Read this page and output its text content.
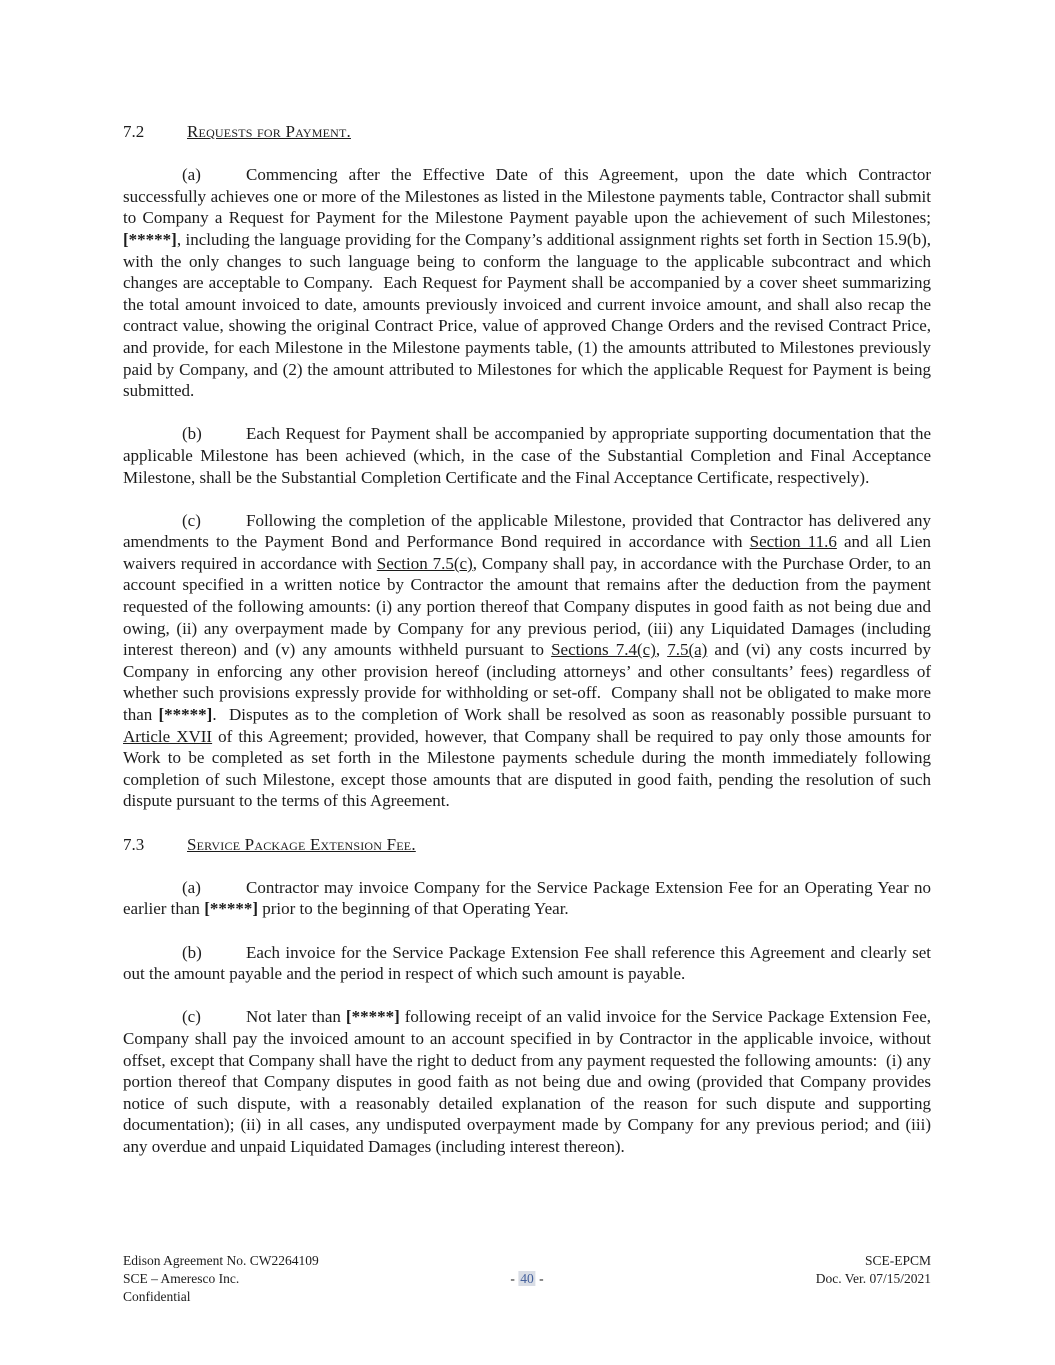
7.2	Requests for Payment.

(a)	Commencing after the Effective Date of this Agreement, upon the date which Contractor successfully achieves one or more of the Milestones as listed in the Milestone payments table, Contractor shall submit to Company a Request for Payment for the Milestone Payment payable upon the achievement of such Milestones; [*****], including the language providing for the Company’s additional assignment rights set forth in Section 15.9(b), with the only changes to such language being to conform the language to the applicable subcontract and which changes are acceptable to Company.  Each Request for Payment shall be accompanied by a cover sheet summarizing the total amount invoiced to date, amounts previously invoiced and current invoice amount, and shall also recap the contract value, showing the original Contract Price, value of approved Change Orders and the revised Contract Price, and provide, for each Milestone in the Milestone payments table, (1) the amounts attributed to Milestones previously paid by Company, and (2) the amount attributed to Milestones for which the applicable Request for Payment is being submitted.

(b)	Each Request for Payment shall be accompanied by appropriate supporting documentation that the applicable Milestone has been achieved (which, in the case of the Substantial Completion and Final Acceptance Milestone, shall be the Substantial Completion Certificate and the Final Acceptance Certificate, respectively).

(c)	Following the completion of the applicable Milestone, provided that Contractor has delivered any amendments to the Payment Bond and Performance Bond required in accordance with Section 11.6 and all Lien waivers required in accordance with Section 7.5(c), Company shall pay, in accordance with the Purchase Order, to an account specified in a written notice by Contractor the amount that remains after the deduction from the payment requested of the following amounts: (i) any portion thereof that Company disputes in good faith as not being due and owing, (ii) any overpayment made by Company for any previous period, (iii) any Liquidated Damages (including interest thereon) and (v) any amounts withheld pursuant to Sections 7.4(c), 7.5(a) and (vi) any costs incurred by Company in enforcing any other provision hereof (including attorneys’ and other consultants’ fees) regardless of whether such provisions expressly provide for withholding or set-off.  Company shall not be obligated to make more than [*****].  Disputes as to the completion of Work shall be resolved as soon as reasonably possible pursuant to Article XVII of this Agreement; provided, however, that Company shall be required to pay only those amounts for Work to be completed as set forth in the Milestone payments schedule during the month immediately following completion of such Milestone, except those amounts that are disputed in good faith, pending the resolution of such dispute pursuant to the terms of this Agreement.

7.3	Service Package Extension Fee.

(a)	Contractor may invoice Company for the Service Package Extension Fee for an Operating Year no earlier than [*****] prior to the beginning of that Operating Year.

(b)	Each invoice for the Service Package Extension Fee shall reference this Agreement and clearly set out the amount payable and the period in respect of which such amount is payable.

(c)	Not later than [*****] following receipt of an valid invoice for the Service Package Extension Fee, Company shall pay the invoiced amount to an account specified in by Contractor in the applicable invoice, without offset, except that Company shall have the right to deduct from any payment requested the following amounts:  (i) any portion thereof that Company disputes in good faith as not being due and owing (provided that Company provides notice of such dispute, with a reasonably detailed explanation of the reason for such dispute and supporting documentation); (ii) in all cases, any undisputed overpayment made by Company for any previous period; and (iii) any overdue and unpaid Liquidated Damages (including interest thereon).

Edison Agreement No. CW2264109
SCE – Ameresco Inc.
Confidential
- 40 -
SCE-EPCM
Doc. Ver. 07/15/2021
